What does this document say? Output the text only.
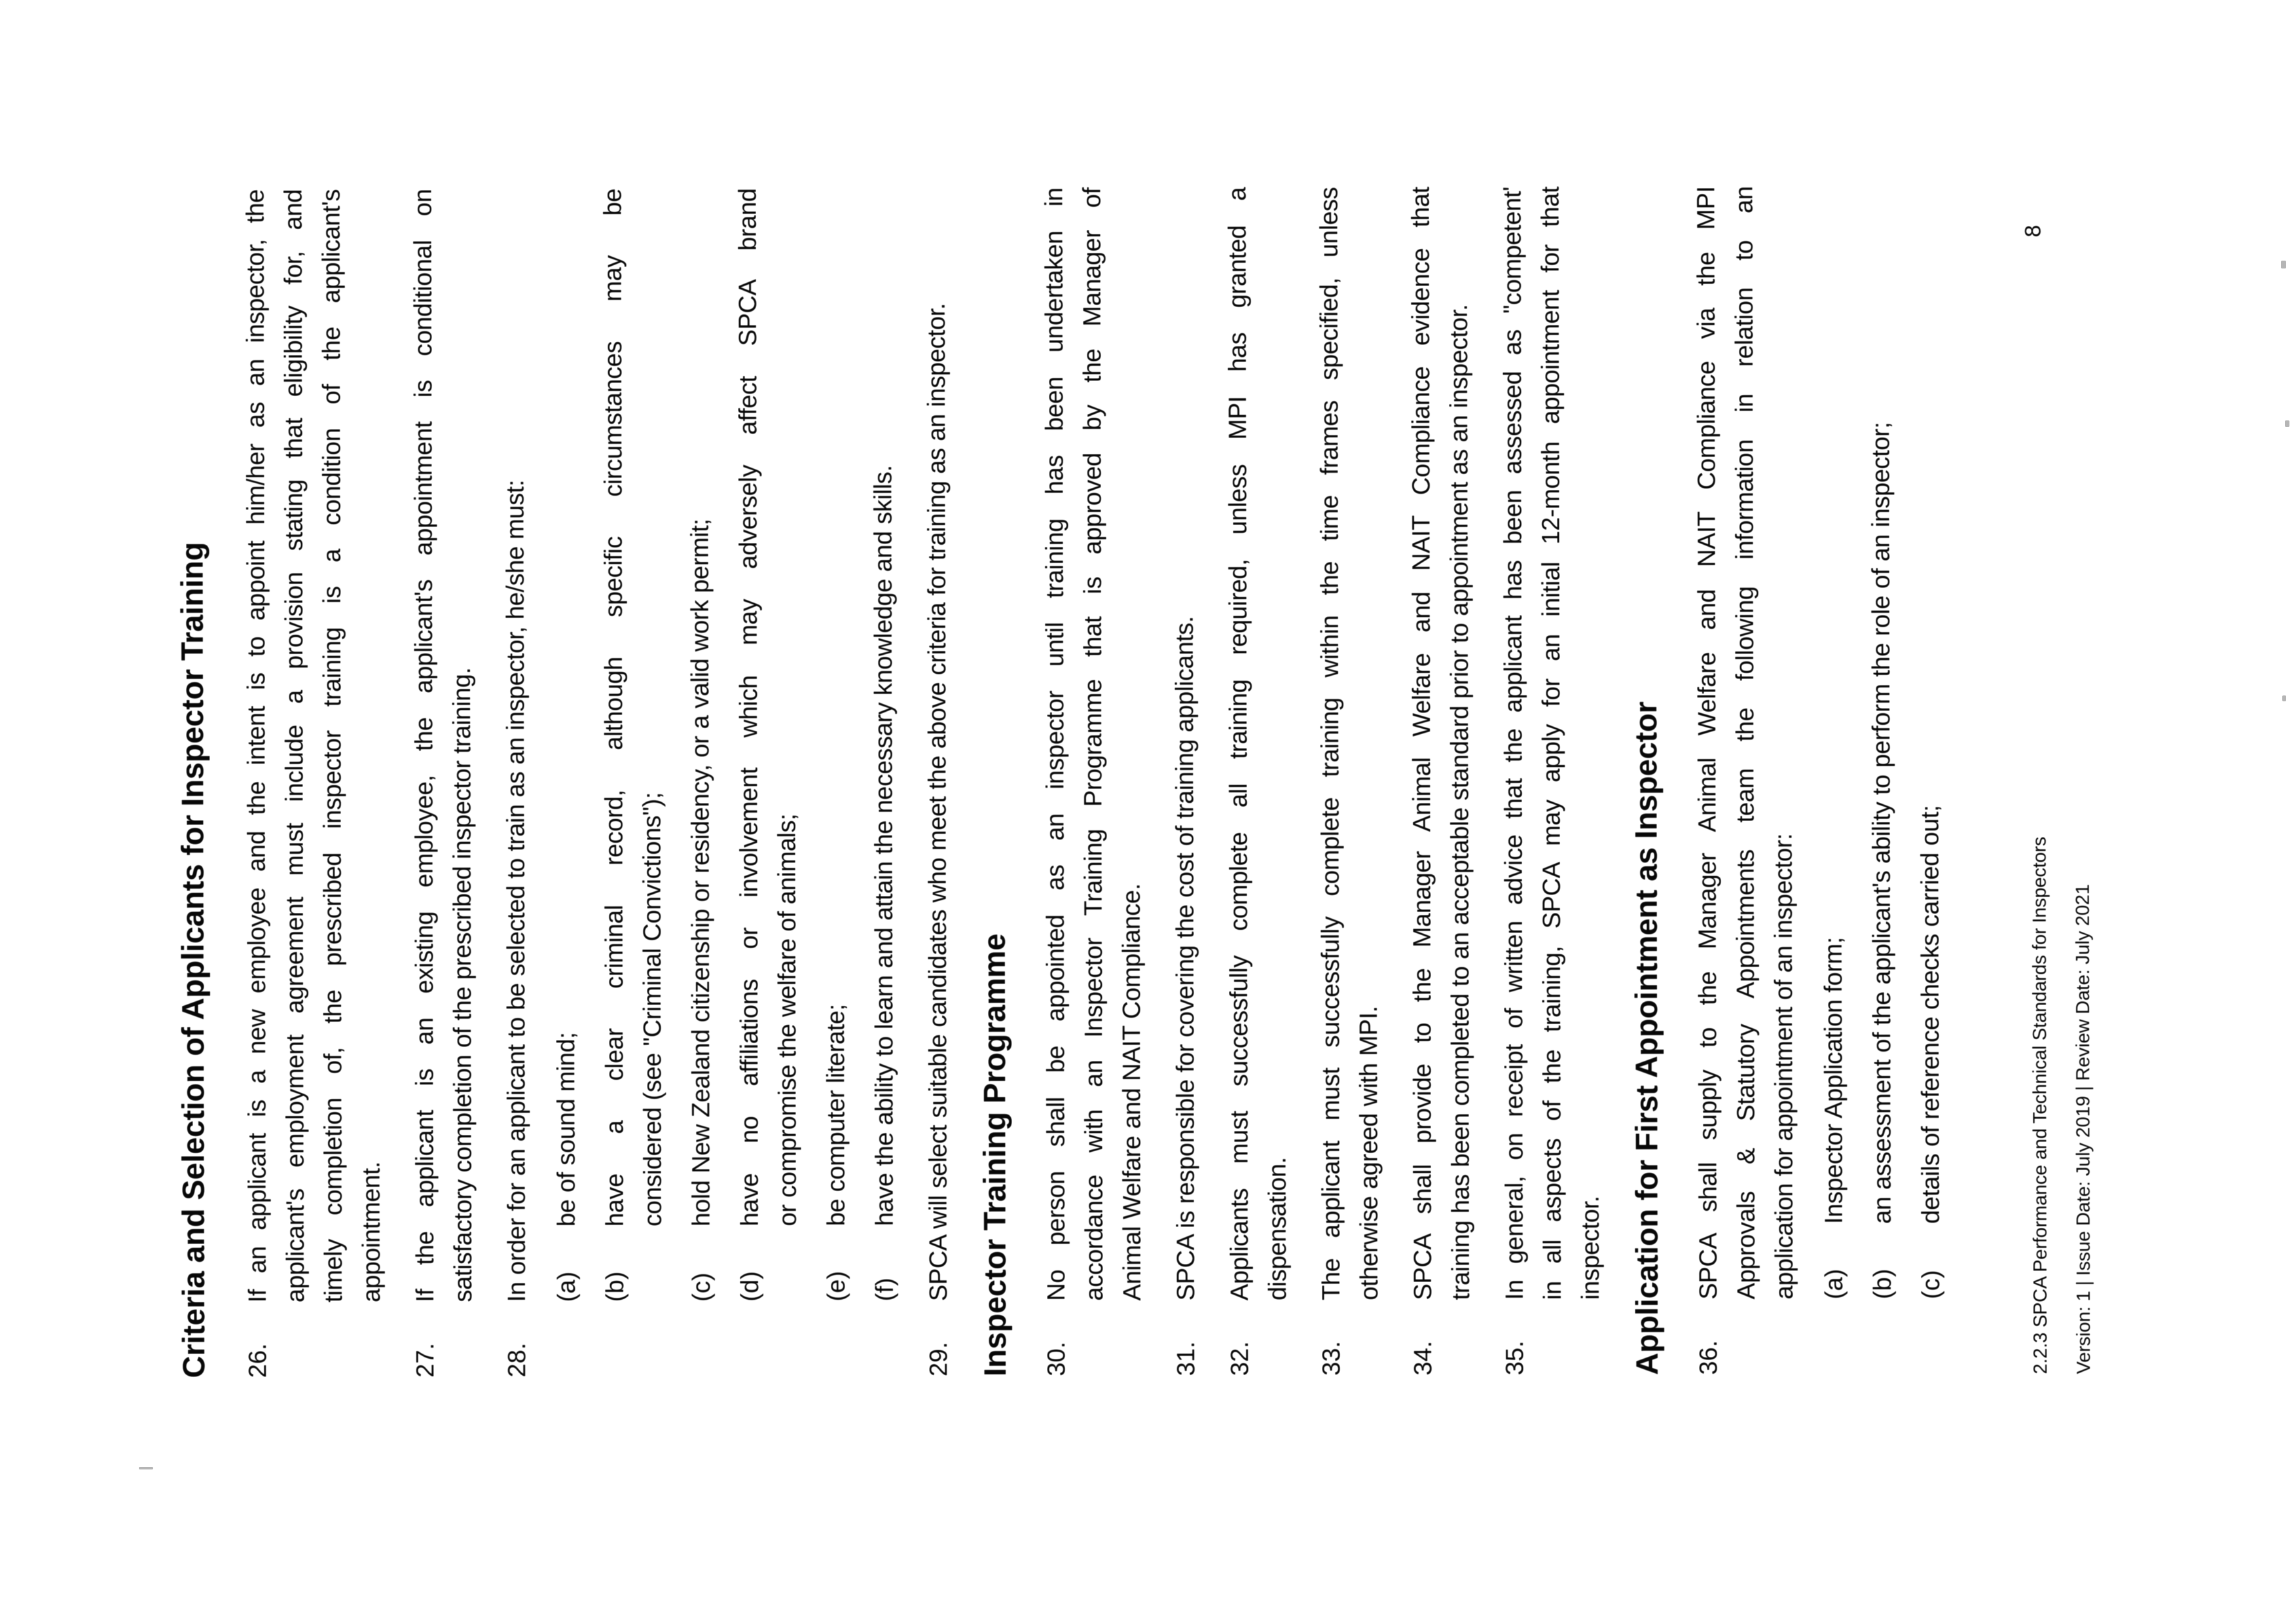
Criteria and Selection of Applicants for Inspector Training 26.

If an applicant is a new employee and the intent is to appoint him/her as an inspector, the applicant's employment agreement must include a provision stating that eligibility for, and timely completion of, the prescribed inspector training is a condition of the applicant's appointment.

27.

If the applicant is an existing employee, the applicant's appointment is conditional on satisfactory completion of the prescribed inspector training.

28.

In order for an applicant to be selected to train as an inspector, he/she must: (a)

be of sound mind;

(b)

have a clear criminal record, although specific circumstances may be considered (see "Criminal Convictions");

(c)

hold New Zealand citizenship or residency, or a valid work permit;

(d)

have no affiliations or involvement which may adversely affect SPCA brand or compromise the welfare of animals;

(e)

be computer literate;

(f)

have the ability to learn and attain the necessary knowledge and skills.

29.

SPCA will select suitable candidates who meet the above criteria for training as an inspector. Inspector Training Programme 30.

No person shall be appointed as an inspector until training has been undertaken in accordance with an Inspector Training Programme that is approved by the Manager of Animal Welfare and NAIT Compliance.

31.

SPCA is responsible for covering the cost of training applicants.

32.

Applicants must successfully complete all training required, unless MPI has granted a dispensation.

33.

The applicant must successfully complete training within the time frames specified, unless otherwise agreed with MPI.

34.

SPCA shall provide to the Manager Animal Welfare and NAIT Compliance evidence that training has been completed to an acceptable standard prior to appointment as an inspector.

35.

In general, on receipt of written advice that the applicant has been assessed as "competent' in all aspects of the training, SPCA may apply for an initial 12-month appointment for that inspector. Application for First Appointment as Inspector 36.

SPCA shall supply to the Manager Animal Welfare and NAIT Compliance via the MPI Approvals & Statutory Appointments team the following information in relation to an application for appointment of an inspector: (a)

Inspector Application form;

(b)

an assessment of the applicant's ability to perform the role of an inspector;

(c)

details of reference checks carried out;	2.2.3 SPCA Performance and Technical Standards for Inspectors Version: 1 | Issue Date: July 2019 | Review Date: July 2021
8
